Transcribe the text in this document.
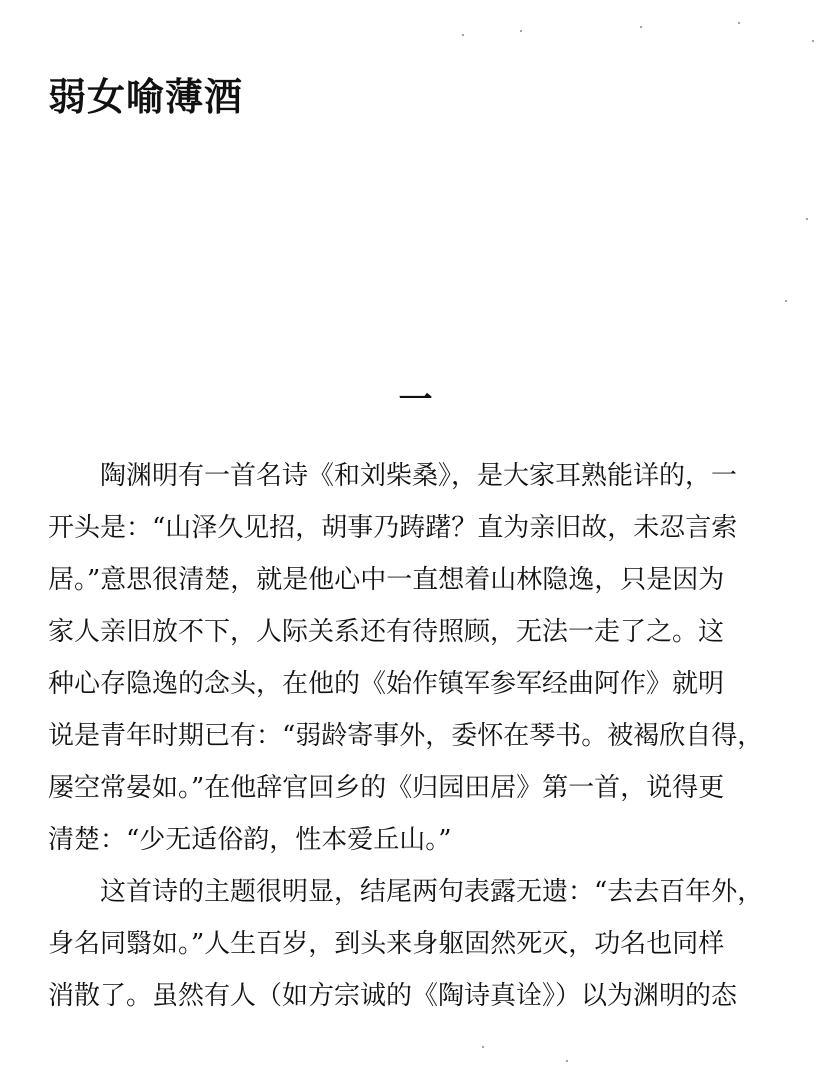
弱女喻薄酒
一

　　陶渊明有一首名诗《和刘柴桑》，是大家耳熟能详的，一
开头是：“山泽久见招，胡事乃踌躇？直为亲旧故，未忍言索
居。”意思很清楚，就是他心中一直想着山林隐逸，只是因为
家人亲旧放不下，人际关系还有待照顾，无法一走了之。这
种心存隐逸的念头，在他的《始作镇军参军经曲阿作》就明
说是青年时期已有：“弱龄寄事外，委怀在琴书。被褐欣自得，
屡空常晏如。”在他辞官回乡的《归园田居》第一首，说得更
清楚：“少无适俗韵，性本爱丘山。”

　　这首诗的主题很明显，结尾两句表露无遗：“去去百年外，
身名同翳如。”人生百岁，到头来身躯固然死灭，功名也同样
消散了。虽然有人（如方宗诚的《陶诗真诠》）以为渊明的态
